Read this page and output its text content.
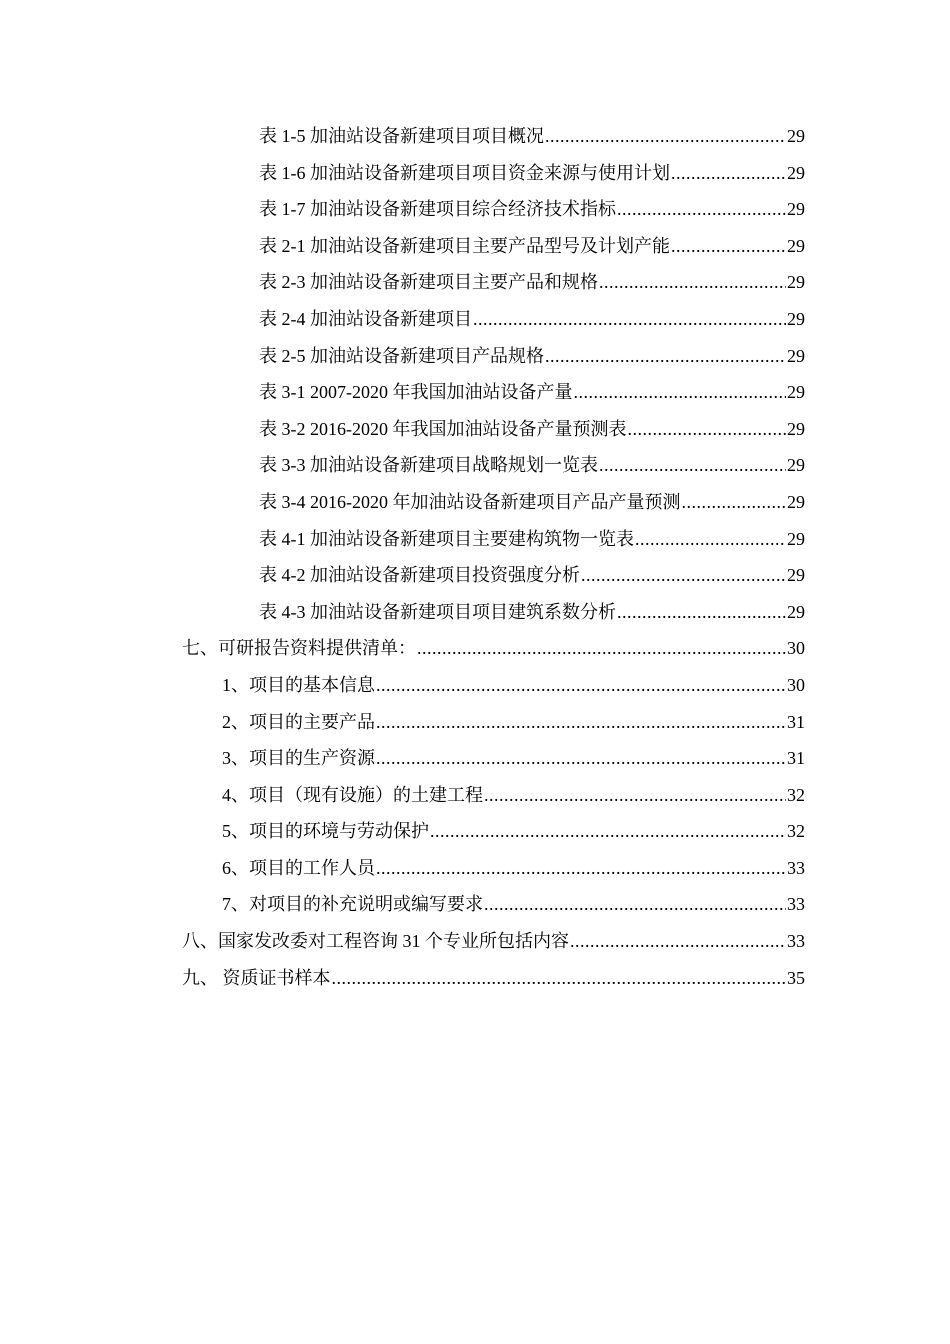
表 1-5 加油站设备新建项目项目概况 .....	29
表 1-6 加油站设备新建项目项目资金来源与使用计划 .....	29
表 1-7 加油站设备新建项目综合经济技术指标 .....	29
表 2-1 加油站设备新建项目主要产品型号及计划产能 .....	29
表 2-3 加油站设备新建项目主要产品和规格 .....	29
表 2-4 加油站设备新建项目 .....	29
表 2-5 加油站设备新建项目产品规格 .....	29
表 3-1 2007-2020 年我国加油站设备产量 .....	29
表 3-2 2016-2020 年我国加油站设备产量预测表 .....	29
表 3-3 加油站设备新建项目战略规划一览表 .....	29
表 3-4 2016-2020 年加油站设备新建项目产品产量预测 .....	29
表 4-1 加油站设备新建项目主要建构筑物一览表 .....	29
表 4-2 加油站设备新建项目投资强度分析 .....	29
表 4-3 加油站设备新建项目项目建筑系数分析 .....	29
七、可研报告资料提供清单： .....	30
1、项目的基本信息 .....	30
2、项目的主要产品 .....	31
3、项目的生产资源 .....	31
4、项目（现有设施）的土建工程 .....	32
5、项目的环境与劳动保护 .....	32
6、项目的工作人员 .....	33
7、对项目的补充说明或编写要求 .....	33
八、国家发改委对工程咨询 31 个专业所包括内容 .....	33
九、 资质证书样本 .....	35
